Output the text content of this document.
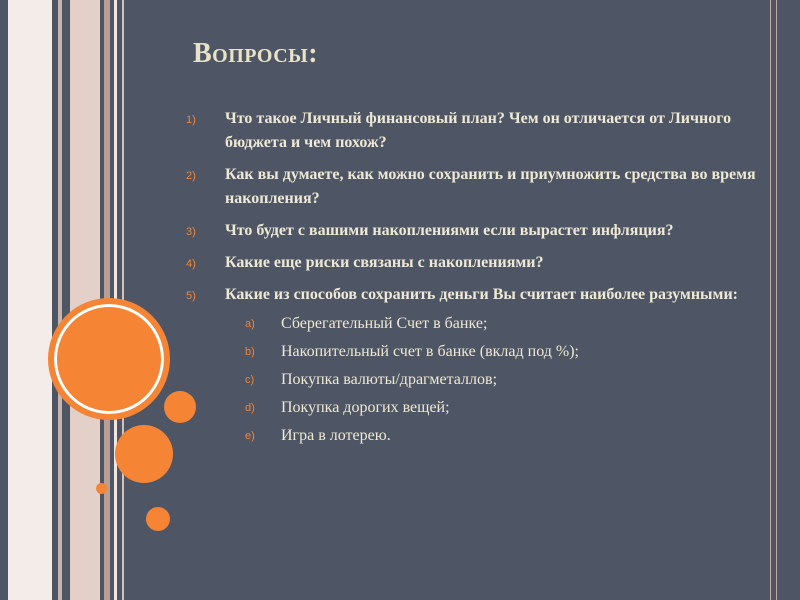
Вопросы:
1) Что такое Личный финансовый план? Чем он отличается от Личного бюджета и чем похож?
2) Как вы думаете, как можно сохранить и приумножить средства во время накопления?
3) Что будет с вашими накоплениями если вырастет инфляция?
4) Какие еще риски связаны с накоплениями?
5) Какие из способов сохранить деньги Вы считает наиболее разумными:
a) Сберегательный Счет в банке;
b) Накопительный счет в банке (вклад под %);
c) Покупка валюты/драгметаллов;
d) Покупка дорогих вещей;
e) Игра в лотерею.
